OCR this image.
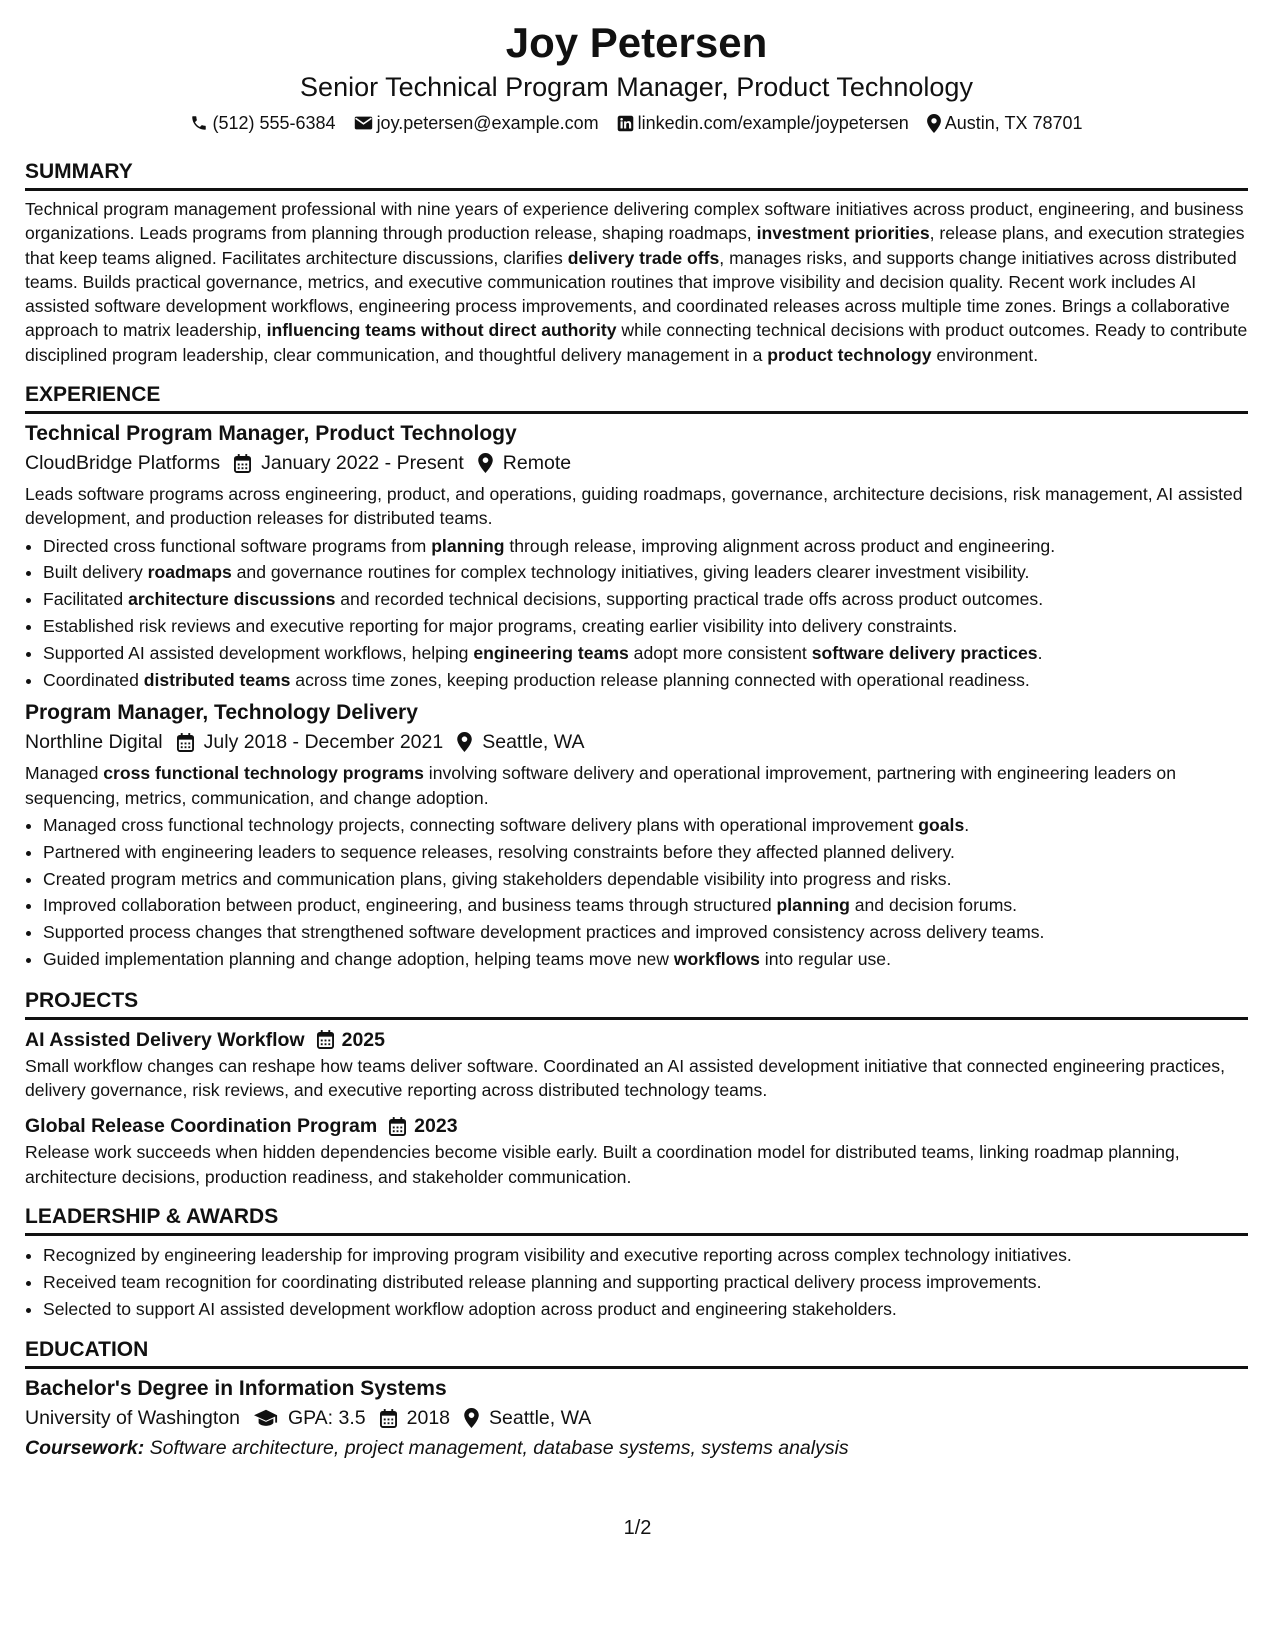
Joy Petersen
Senior Technical Program Manager, Product Technology
(512) 555-6384 joy.petersen@example.com linkedin.com/example/joypetersen Austin, TX 78701
SUMMARY

Technical program management professional with nine years of experience delivering complex software initiatives across product, engineering, and business organizations. Leads programs from planning through production release, shaping roadmaps, investment priorities, release plans, and execution strategies that keep teams aligned. Facilitates architecture discussions, clarifies delivery trade offs, manages risks, and supports change initiatives across distributed teams. Builds practical governance, metrics, and executive communication routines that improve visibility and decision quality. Recent work includes AI assisted software development workflows, engineering process improvements, and coordinated releases across multiple time zones. Brings a collaborative approach to matrix leadership, influencing teams without direct authority while connecting technical decisions with product outcomes. Ready to contribute disciplined program leadership, clear communication, and thoughtful delivery management in a product technology environment.

EXPERIENCE
Technical Program Manager, Product Technology
CloudBridge Platforms January 2022 - Present Remote

Leads software programs across engineering, product, and operations, guiding roadmaps, governance, architecture decisions, risk management, AI assisted development, and production releases for distributed teams.

• Directed cross functional software programs from planning through release, improving alignment across product and engineering.
• Built delivery roadmaps and governance routines for complex technology initiatives, giving leaders clearer investment visibility.
• Facilitated architecture discussions and recorded technical decisions, supporting practical trade offs across product outcomes.
• Established risk reviews and executive reporting for major programs, creating earlier visibility into delivery constraints.
• Supported AI assisted development workflows, helping engineering teams adopt more consistent software delivery practices.
• Coordinated distributed teams across time zones, keeping production release planning connected with operational readiness.
Program Manager, Technology Delivery
Northline Digital July 2018 - December 2021 Seattle, WA

Managed cross functional technology programs involving software delivery and operational improvement, partnering with engineering leaders on sequencing, metrics, communication, and change adoption.

• Managed cross functional technology projects, connecting software delivery plans with operational improvement goals.
• Partnered with engineering leaders to sequence releases, resolving constraints before they affected planned delivery.
• Created program metrics and communication plans, giving stakeholders dependable visibility into progress and risks.
• Improved collaboration between product, engineering, and business teams through structured planning and decision forums.
• Supported process changes that strengthened software development practices and improved consistency across delivery teams.
• Guided implementation planning and change adoption, helping teams move new workflows into regular use.
PROJECTS
AI Assisted Delivery Workflow 2025

Small workflow changes can reshape how teams deliver software. Coordinated an AI assisted development initiative that connected engineering practices, delivery governance, risk reviews, and executive reporting across distributed technology teams.

Global Release Coordination Program 2023

Release work succeeds when hidden dependencies become visible early. Built a coordination model for distributed teams, linking roadmap planning, architecture decisions, production readiness, and stakeholder communication.

LEADERSHIP & AWARDS
• Recognized by engineering leadership for improving program visibility and executive reporting across complex technology initiatives.
• Received team recognition for coordinating distributed release planning and supporting practical delivery process improvements.
• Selected to support AI assisted development workflow adoption across product and engineering stakeholders.
EDUCATION
Bachelor's Degree in Information Systems
University of Washington GPA: 3.5 2018 Seattle, WA
Coursework: Software architecture, project management, database systems, systems analysis
1/2
